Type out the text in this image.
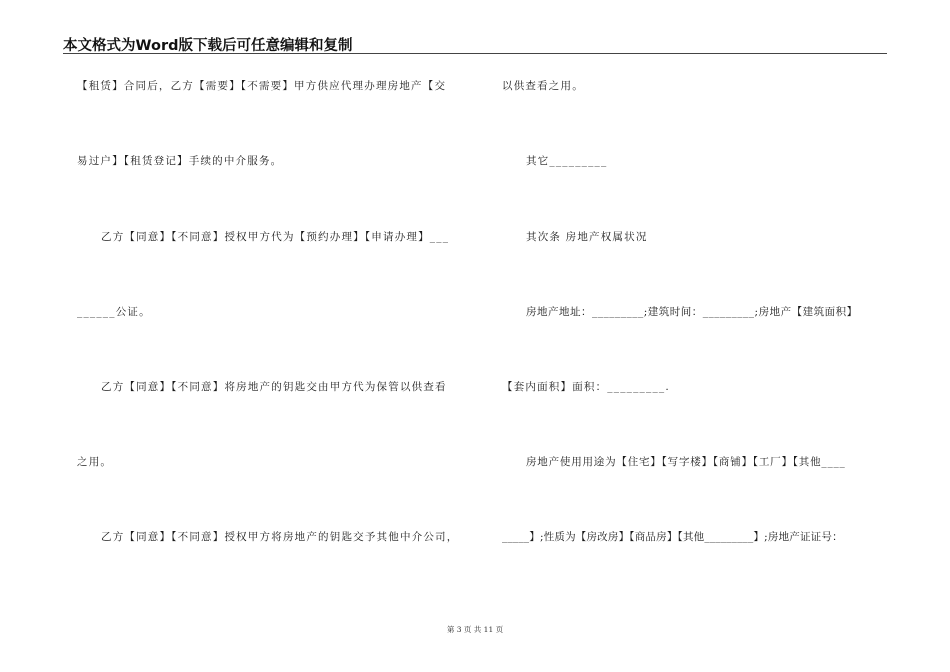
本文格式为Word版下载后可任意编辑和复制
【租赁】合同后，乙方【需要】【不需要】甲方供应代理办理房地产【交
易过户】【租赁登记】手续的中介服务。
乙方【同意】【不同意】授权甲方代为【预约办理】【申请办理】___
______公证。
乙方【同意】【不同意】将房地产的钥匙交由甲方代为保管以供查看
之用。
乙方【同意】【不同意】授权甲方将房地产的钥匙交予其他中介公司，
以供查看之用。
其它_________
其次条 房地产权属状况
房地产地址：_________;建筑时间：_________;房地产【建筑面积】
【套内面积】面积：_________.
房地产使用用途为【住宅】【写字楼】【商铺】【工厂】【其他____
_____】;性质为【房改房】【商品房】【其他_________】;房地产证证号：
第 3 页 共 11 页
